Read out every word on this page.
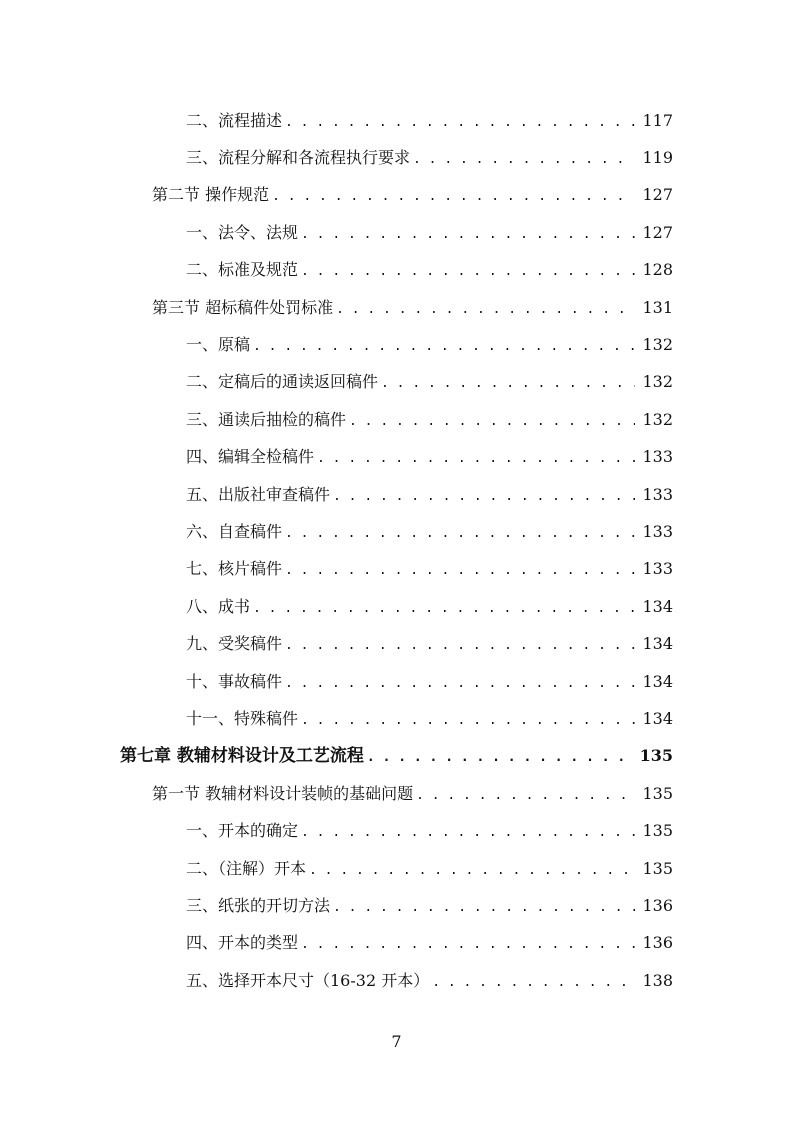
二、流程描述 . . .	117
三、流程分解和各流程执行要求 . . .	119
第二节 操作规范 . . .	127
一、法令、法规 . . .	127
二、标准及规范 . . .	128
第三节 超标稿件处罚标准 . . .	131
一、原稿 . . .	132
二、定稿后的通读返回稿件 . . .	132
三、通读后抽检的稿件 . . .	132
四、编辑全检稿件 . . .	133
五、出版社审查稿件 . . .	133
六、自查稿件 . . .	133
七、核片稿件 . . .	133
八、成书 . . .	134
九、受奖稿件 . . .	134
十、事故稿件 . . .	134
十一、特殊稿件 . . .	134
第七章 教辅材料设计及工艺流程 . . .	135
第一节 教辅材料设计装帧的基础问题 . . .	135
一、开本的确定 . . .	135
二、（注解）开本 . . .	135
三、纸张的开切方法 . . .	136
四、开本的类型 . . .	136
五、选择开本尺寸（16-32 开本） . . .	138
7
